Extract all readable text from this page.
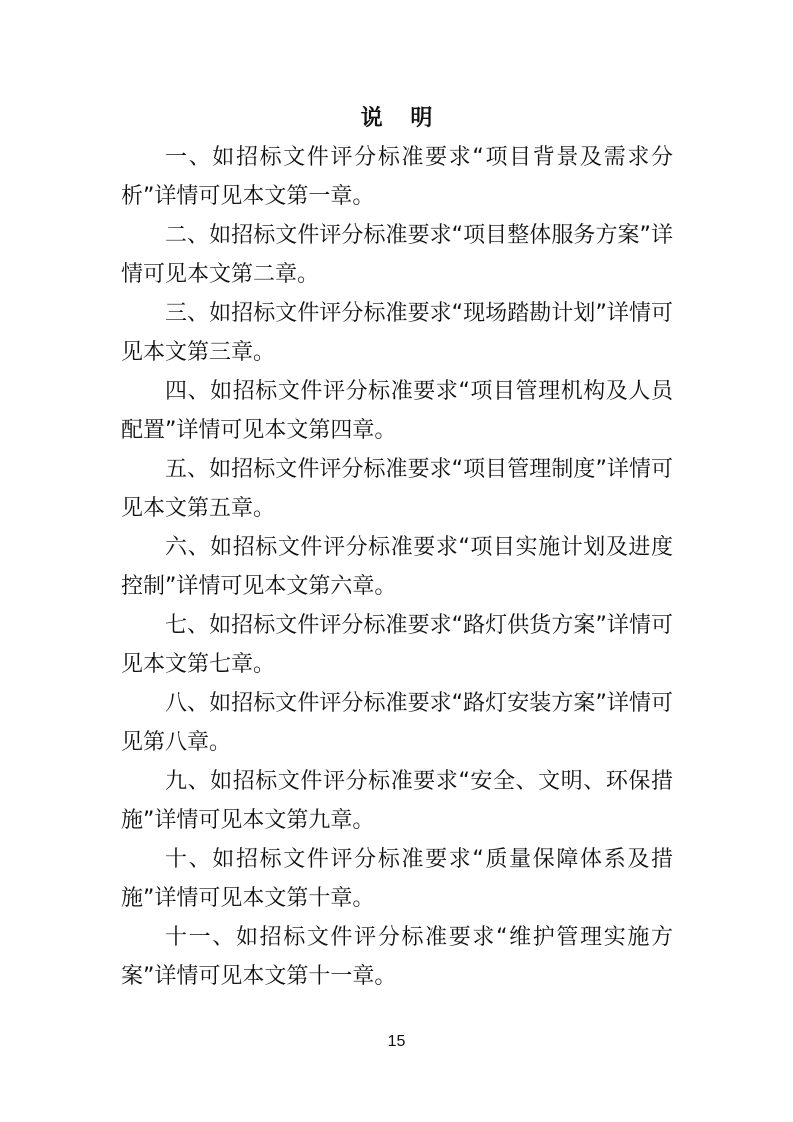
说 明

一、如招标文件评分标准要求“项目背景及需求分析”详情可见本文第一章。

二、如招标文件评分标准要求“项目整体服务方案”详情可见本文第二章。

三、如招标文件评分标准要求“现场踏勘计划”详情可见本文第三章。

四、如招标文件评分标准要求“项目管理机构及人员配置”详情可见本文第四章。

五、如招标文件评分标准要求“项目管理制度”详情可见本文第五章。

六、如招标文件评分标准要求“项目实施计划及进度控制”详情可见本文第六章。

七、如招标文件评分标准要求“路灯供货方案”详情可见本文第七章。

八、如招标文件评分标准要求“路灯安装方案”详情可见第八章。

九、如招标文件评分标准要求“安全、文明、环保措施”详情可见本文第九章。

十、如招标文件评分标准要求“质量保障体系及措施”详情可见本文第十章。

十一、如招标文件评分标准要求“维护管理实施方案”详情可见本文第十一章。

15
